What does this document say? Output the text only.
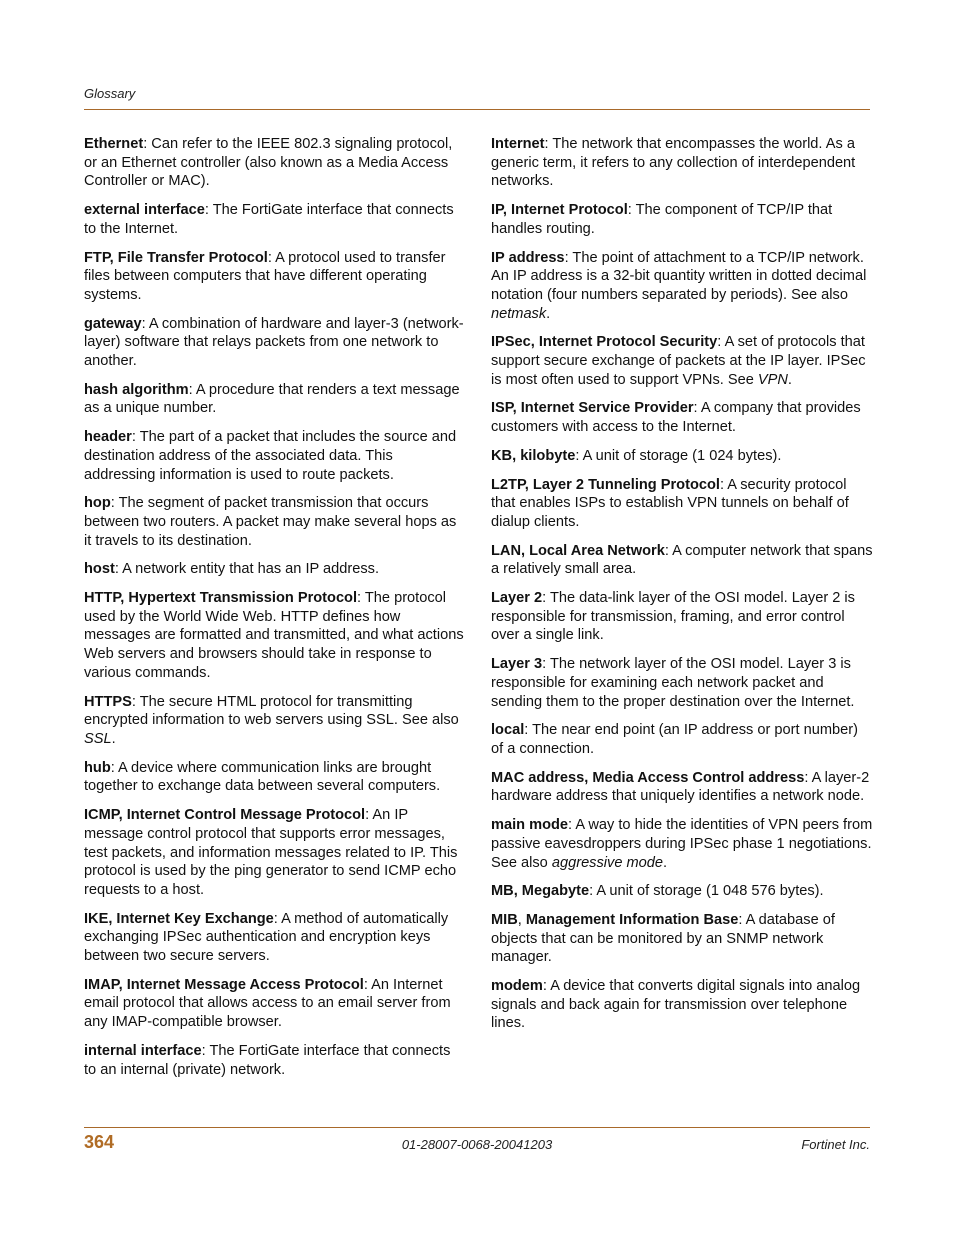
Glossary

Ethernet: Can refer to the IEEE 802.3 signaling protocol, or an Ethernet controller (also known as a Media Access Controller or MAC).

external interface: The FortiGate interface that connects to the Internet.

FTP, File Transfer Protocol: A protocol used to transfer files between computers that have different operating systems.

gateway: A combination of hardware and layer-3 (network-layer) software that relays packets from one network to another.

hash algorithm: A procedure that renders a text message as a unique number.

header: The part of a packet that includes the source and destination address of the associated data. This addressing information is used to route packets.

hop: The segment of packet transmission that occurs between two routers. A packet may make several hops as it travels to its destination.

host: A network entity that has an IP address.

HTTP, Hypertext Transmission Protocol: The protocol used by the World Wide Web. HTTP defines how messages are formatted and transmitted, and what actions Web servers and browsers should take in response to various commands.

HTTPS: The secure HTML protocol for transmitting encrypted information to web servers using SSL. See also SSL.

hub: A device where communication links are brought together to exchange data between several computers.

ICMP, Internet Control Message Protocol: An IP message control protocol that supports error messages, test packets, and information messages related to IP. This protocol is used by the ping generator to send ICMP echo requests to a host.

IKE, Internet Key Exchange: A method of automatically exchanging IPSec authentication and encryption keys between two secure servers.

IMAP, Internet Message Access Protocol: An Internet email protocol that allows access to an email server from any IMAP-compatible browser.

internal interface: The FortiGate interface that connects to an internal (private) network.

Internet: The network that encompasses the world. As a generic term, it refers to any collection of interdependent networks.

IP, Internet Protocol: The component of TCP/IP that handles routing.

IP address: The point of attachment to a TCP/IP network. An IP address is a 32-bit quantity written in dotted decimal notation (four numbers separated by periods). See also netmask.

IPSec, Internet Protocol Security: A set of protocols that support secure exchange of packets at the IP layer. IPSec is most often used to support VPNs. See VPN.

ISP, Internet Service Provider: A company that provides customers with access to the Internet.

KB, kilobyte: A unit of storage (1 024 bytes).

L2TP, Layer 2 Tunneling Protocol: A security protocol that enables ISPs to establish VPN tunnels on behalf of dialup clients.

LAN, Local Area Network: A computer network that spans a relatively small area.

Layer 2: The data-link layer of the OSI model. Layer 2 is responsible for transmission, framing, and error control over a single link.

Layer 3: The network layer of the OSI model. Layer 3 is responsible for examining each network packet and sending them to the proper destination over the Internet.

local: The near end point (an IP address or port number) of a connection.

MAC address, Media Access Control address: A layer-2 hardware address that uniquely identifies a network node.

main mode: A way to hide the identities of VPN peers from passive eavesdroppers during IPSec phase 1 negotiations. See also aggressive mode.

MB, Megabyte: A unit of storage (1 048 576 bytes).

MIB, Management Information Base: A database of objects that can be monitored by an SNMP network manager.

modem: A device that converts digital signals into analog signals and back again for transmission over telephone lines.

364	01-28007-0068-20041203	Fortinet Inc.
